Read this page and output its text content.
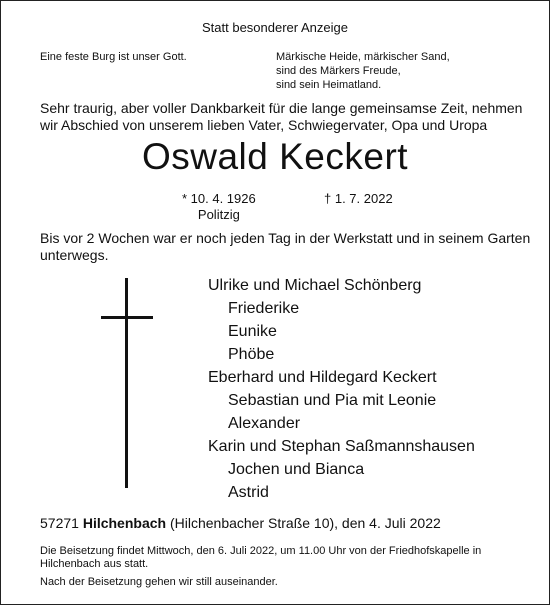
Statt besonderer Anzeige
Eine feste Burg ist unser Gott.	Märkische Heide, märkischer Sand,
sind des Märkers Freude,
sind sein Heimatland.
Sehr traurig, aber voller Dankbarkeit für die lange gemeinsamse Zeit, nehmen
wir Abschied von unserem lieben Vater, Schwiegervater, Opa und Uropa
Oswald Keckert
* 10. 4. 1926
Politzig
† 1. 7. 2022
Bis vor 2 Wochen war er noch jeden Tag in der Werkstatt und in seinem Garten
unterwegs.
Ulrike und Michael Schönberg
Friederike
Eunike
Phöbe
Eberhard und Hildegard Keckert
Sebastian und Pia mit Leonie
Alexander
Karin und Stephan Saßmannshausen
Jochen und Bianca
Astrid
57271 Hilchenbach (Hilchenbacher Straße 10), den 4. Juli 2022
Die Beisetzung findet Mittwoch, den 6. Juli 2022, um 11.00 Uhr von der Friedhofskapelle in Hilchenbach aus statt.
Nach der Beisetzung gehen wir still auseinander.
